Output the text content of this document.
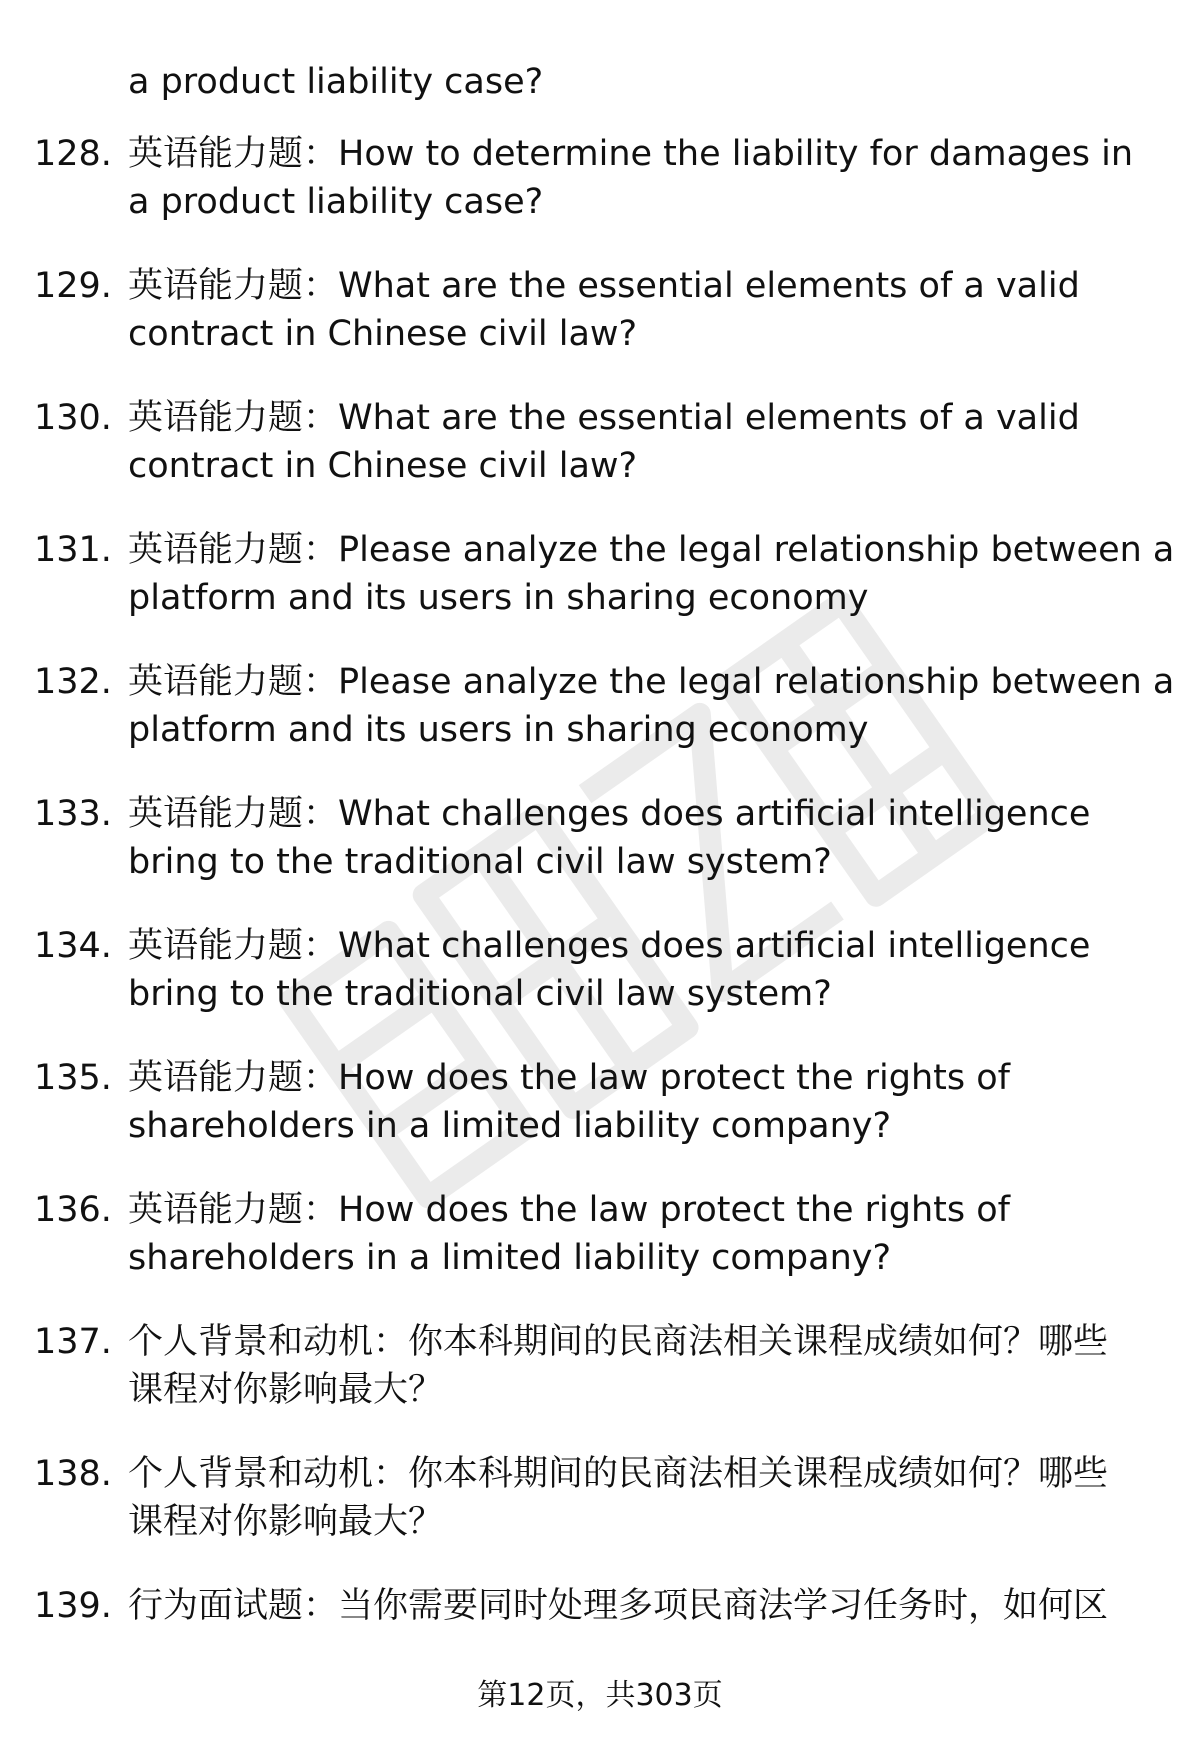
a product liability case?
128. 英语能力题：How to determine the liability for damages in
a product liability case?
129. 英语能力题：What are the essential elements of a valid
contract in Chinese civil law?
130. 英语能力题：What are the essential elements of a valid
contract in Chinese civil law?
131. 英语能力题：Please analyze the legal relationship between a
platform and its users in sharing economy
132. 英语能力题：Please analyze the legal relationship between a
platform and its users in sharing economy
133. 英语能力题：What challenges does artificial intelligence
bring to the traditional civil law system?
134. 英语能力题：What challenges does artificial intelligence
bring to the traditional civil law system?
135. 英语能力题：How does the law protect the rights of
shareholders in a limited liability company?
136. 英语能力题：How does the law protect the rights of
shareholders in a limited liability company?
137. 个人背景和动机：你本科期间的民商法相关课程成绩如何？哪些
课程对你影响最大？
138. 个人背景和动机：你本科期间的民商法相关课程成绩如何？哪些
课程对你影响最大？
139. 行为面试题：当你需要同时处理多项民商法学习任务时，如何区
第12页，共303页
